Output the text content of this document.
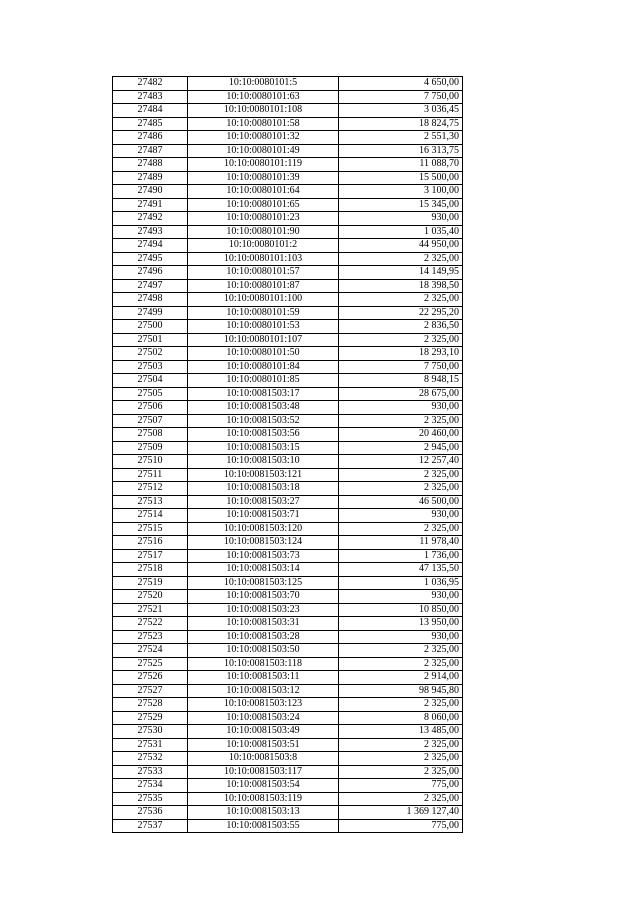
27482	10:10:0080101:5	4 650,00
27483	10:10:0080101:63	7 750,00
27484	10:10:0080101:108	3 036,45
27485	10:10:0080101:58	18 824,75
27486	10:10:0080101:32	2 551,30
27487	10:10:0080101:49	16 313,75
27488	10:10:0080101:119	11 088,70
27489	10:10:0080101:39	15 500,00
27490	10:10:0080101:64	3 100,00
27491	10:10:0080101:65	15 345,00
27492	10:10:0080101:23	930,00
27493	10:10:0080101:90	1 035,40
27494	10:10:0080101:2	44 950,00
27495	10:10:0080101:103	2 325,00
27496	10:10:0080101:57	14 149,95
27497	10:10:0080101:87	18 398,50
27498	10:10:0080101:100	2 325,00
27499	10:10:0080101:59	22 295,20
27500	10:10:0080101:53	2 836,50
27501	10:10:0080101:107	2 325,00
27502	10:10:0080101:50	18 293,10
27503	10:10:0080101:84	7 750,00
27504	10:10:0080101:85	8 948,15
27505	10:10:0081503:17	28 675,00
27506	10:10:0081503:48	930,00
27507	10:10:0081503:52	2 325,00
27508	10:10:0081503:56	20 460,00
27509	10:10:0081503:15	2 945,00
27510	10:10:0081503:10	12 257,40
27511	10:10:0081503:121	2 325,00
27512	10:10:0081503:18	2 325,00
27513	10:10:0081503:27	46 500,00
27514	10:10:0081503:71	930,00
27515	10:10:0081503:120	2 325,00
27516	10:10:0081503:124	11 978,40
27517	10:10:0081503:73	1 736,00
27518	10:10:0081503:14	47 135,50
27519	10:10:0081503:125	1 036,95
27520	10:10:0081503:70	930,00
27521	10:10:0081503:23	10 850,00
27522	10:10:0081503:31	13 950,00
27523	10:10:0081503:28	930,00
27524	10:10:0081503:50	2 325,00
27525	10:10:0081503:118	2 325,00
27526	10:10:0081503:11	2 914,00
27527	10:10:0081503:12	98 945,80
27528	10:10:0081503:123	2 325,00
27529	10:10:0081503:24	8 060,00
27530	10:10:0081503:49	13 485,00
27531	10:10:0081503:51	2 325,00
27532	10:10:0081503:8	2 325,00
27533	10:10:0081503:117	2 325,00
27534	10:10:0081503:54	775,00
27535	10:10:0081503:119	2 325,00
27536	10:10:0081503:13	1 369 127,40
27537	10:10:0081503:55	775,00
